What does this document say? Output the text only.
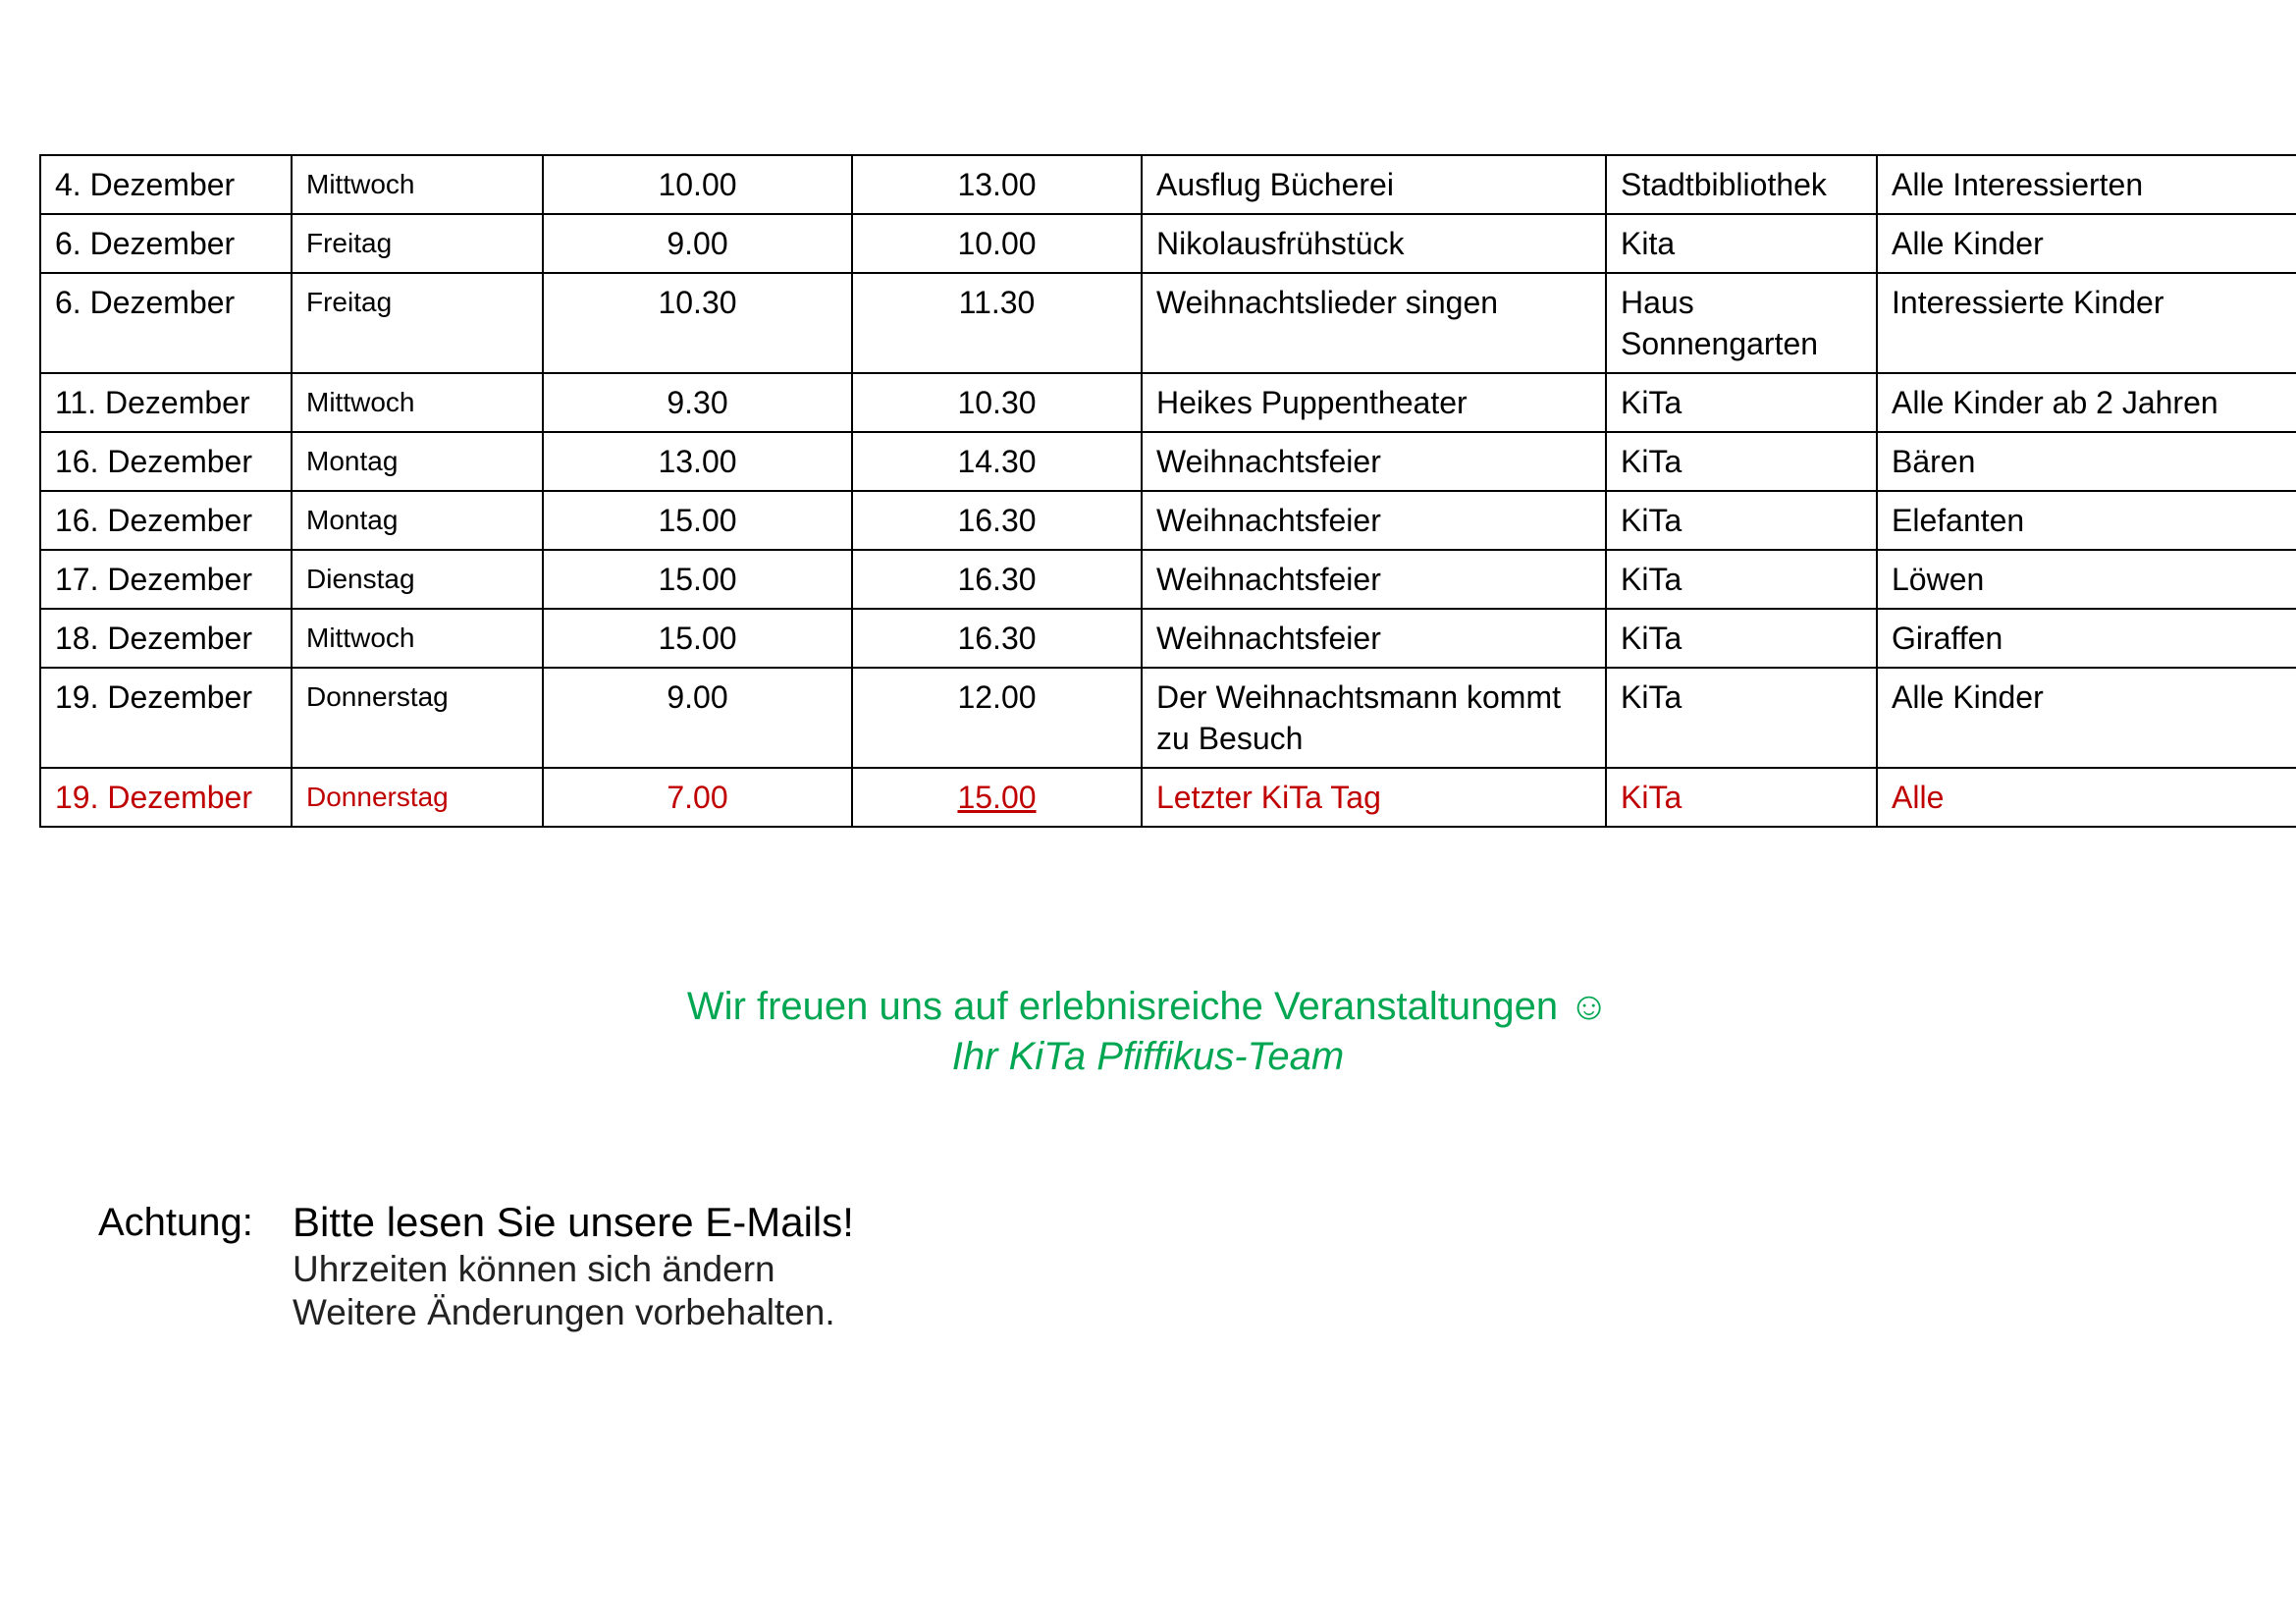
4. Dezember	Mittwoch	10.00	13.00	Ausflug Bücherei	Stadtbibliothek	Alle Interessierten
6. Dezember	Freitag	9.00	10.00	Nikolausfrühstück	Kita	Alle Kinder
6. Dezember	Freitag	10.30	11.30	Weihnachtslieder singen	Haus Sonnengarten	Interessierte Kinder
11. Dezember	Mittwoch	9.30	10.30	Heikes Puppentheater	KiTa	Alle Kinder ab 2 Jahren
16. Dezember	Montag	13.00	14.30	Weihnachtsfeier	KiTa	Bären
16. Dezember	Montag	15.00	16.30	Weihnachtsfeier	KiTa	Elefanten
17. Dezember	Dienstag	15.00	16.30	Weihnachtsfeier	KiTa	Löwen
18. Dezember	Mittwoch	15.00	16.30	Weihnachtsfeier	KiTa	Giraffen
19. Dezember	Donnerstag	9.00	12.00	Der Weihnachtsmann kommt zu Besuch	KiTa	Alle Kinder
19. Dezember	Donnerstag	7.00	15.00	Letzter KiTa Tag	KiTa	Alle
Wir freuen uns auf erlebnisreiche Veranstaltungen ☺
Ihr KiTa Pfiffikus-Team
Achtung: Bitte lesen Sie unsere E-Mails!
Uhrzeiten können sich ändern
Weitere Änderungen vorbehalten.
